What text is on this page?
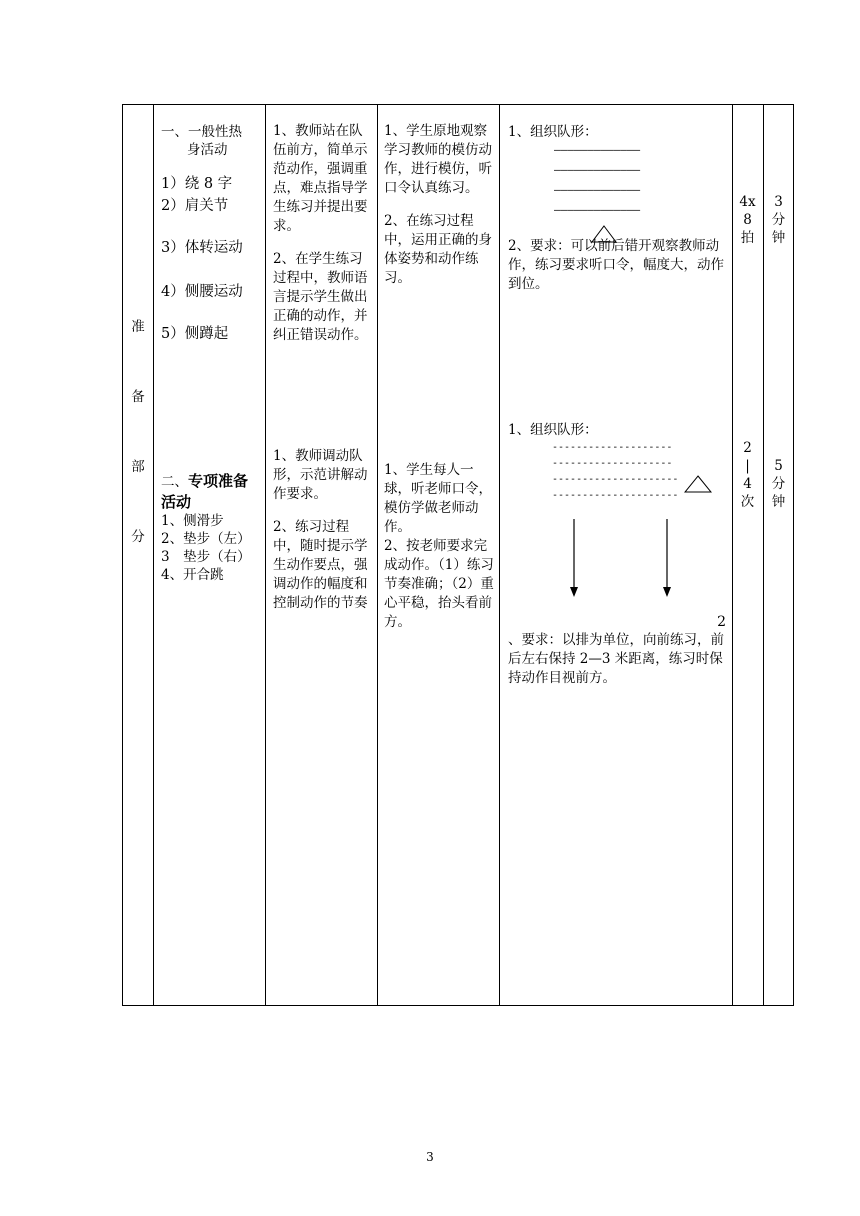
准
备
部
分
一、一般性热
身活动
1）绕 8 字
2）肩关节
3）体转运动
4）侧腰运动
5）侧蹲起
1、教师站在队伍前方，简单示范动作，强调重点，难点指导学生练习并提出要求。
2、在学生练习过程中，教师语言提示学生做出正确的动作，并纠正错误动作。
1、学生原地观察学习教师的模仿动作，进行模仿，听口令认真练习。
2、在练习过程中，运用正确的身体姿势和动作练习。
1、组织队形：
—————————————
—————————————
—————————————
—————————————
2、要求：可以前后错开观察教师动作，练习要求听口令，幅度大，动作到位。
4x
8
拍
3
分
钟
二、专项准备
活动
1、侧滑步
2、垫步（左）
3　垫步（右）
4、开合跳
1、教师调动队形，示范讲解动作要求。
2、练习过程中，随时提示学生动作要点，强调动作的幅度和控制动作的节奏
1、学生每人一球，听老师口令，模仿学做老师动作。
2、按老师要求完成动作。（1）练习节奏准确；（2）重心平稳，抬头看前方。
1、组织队形：
--------------------
--------------------
---------------------
---------------------
2
、要求：以排为单位，向前练习，前后左右保持 2—3 米距离，练习时保持动作目视前方。
2
|
4
次
5
分
钟
3
